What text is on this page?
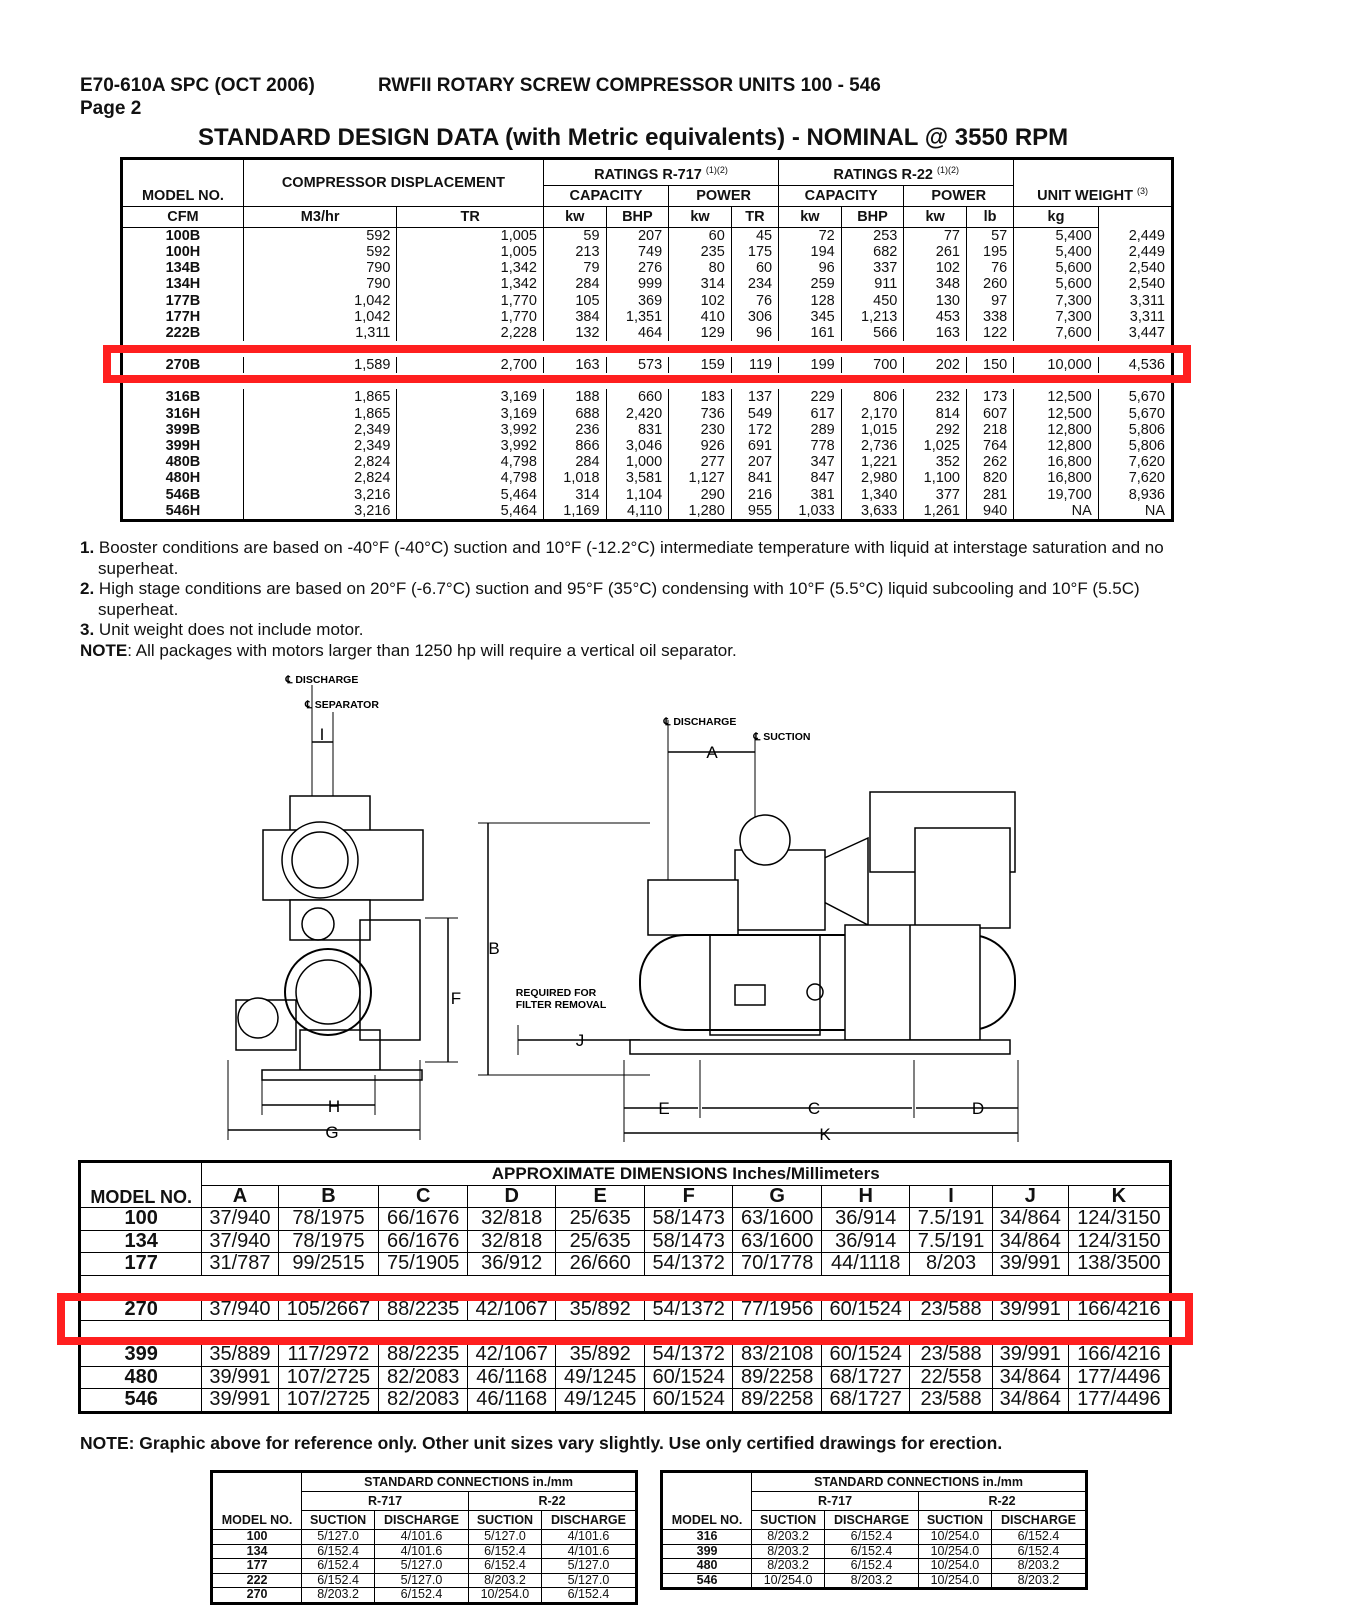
E70-610A SPC (OCT 2006)
Page 2
RWFII ROTARY SCREW COMPRESSOR UNITS 100 - 546
STANDARD DESIGN DATA (with Metric equivalents) - NOMINAL @ 3550 RPM
MODEL NO.	COMPRESSOR DISPLACEMENT		RATINGS R-717 $^{(1)(2)}$				RATINGS R-22 $^{(1)(2)}$				UNIT WEIGHT $^{(3)}$
			CAPACITY		POWER		CAPACITY		POWER			
CFM	M3/hr	TR	kw	BHP	kw	TR	kw	BHP	kw	lb	kg	
100B	592	1,005	59	207	60	45	72	253	77	57	5,400	2,449
100H	592	1,005	213	749	235	175	194	682	261	195	5,400	2,449
134B	790	1,342	79	276	80	60	96	337	102	76	5,600	2,540
134H	790	1,342	284	999	314	234	259	911	348	260	5,600	2,540
177B	1,042	1,770	105	369	102	76	128	450	130	97	7,300	3,311
177H	1,042	1,770	384	1,351	410	306	345	1,213	453	338	7,300	3,311
222B	1,311	2,228	132	464	129	96	161	566	163	122	7,600	3,447

270B	1,589	2,700	163	573	159	119	199	700	202	150	10,000	4,536

316B	1,865	3,169	188	660	183	137	229	806	232	173	12,500	5,670
316H	1,865	3,169	688	2,420	736	549	617	2,170	814	607	12,500	5,670
399B	2,349	3,992	236	831	230	172	289	1,015	292	218	12,800	5,806
399H	2,349	3,992	866	3,046	926	691	778	2,736	1,025	764	12,800	5,806
480B	2,824	4,798	284	1,000	277	207	347	1,221	352	262	16,800	7,620
480H	2,824	4,798	1,018	3,581	1,127	841	847	2,980	1,100	820	16,800	7,620
546B	3,216	5,464	314	1,104	290	216	381	1,340	377	281	19,700	8,936
546H	3,216	5,464	1,169	4,110	1,280	955	1,033	3,633	1,261	940	NA	NA
1. Booster conditions are based on -40°F (-40°C) suction and 10°F (-12.2°C) intermediate temperature with liquid at interstage saturation and no superheat.
2. High stage conditions are based on 20°F (-6.7°C) suction and 95°F (35°C) condensing with 10°F (5.5°C) liquid subcooling and 10°F (5.5C) superheat.
3. Unit weight does not include motor.
NOTE: All packages with motors larger than 1250 hp will require a vertical oil separator.
℄ DISCHARGE
℄ SEPARATOR
I
℄ DISCHARGE
℄ SUCTION
A
B
F	REQUIRED FOR
FILTER REMOVAL
J
H
G
E	C	D
K
MODEL NO.	APPROXIMATE DIMENSIONS Inches/Millimeters										
	A	B	C	D	E	F	G	H	I	J	K
100	37/940	78/1975	66/1676	32/818	25/635	58/1473	63/1600	36/914	7.5/191	34/864	124/3150
134	37/940	78/1975	66/1676	32/818	25/635	58/1473	63/1600	36/914	7.5/191	34/864	124/3150
177	31/787	99/2515	75/1905	36/912	26/660	54/1372	70/1778	44/1118	8/203	39/991	138/3500

270	37/940	105/2667	88/2235	42/1067	35/892	54/1372	77/1956	60/1524	23/588	39/991	166/4216

399	35/889	117/2972	88/2235	42/1067	35/892	54/1372	83/2108	60/1524	23/588	39/991	166/4216
480	39/991	107/2725	82/2083	46/1168	49/1245	60/1524	89/2258	68/1727	22/558	34/864	177/4496
546	39/991	107/2725	82/2083	46/1168	49/1245	60/1524	89/2258	68/1727	23/588	34/864	177/4496
NOTE: Graphic above for reference only. Other unit sizes vary slightly. Use only certified drawings for erection.
MODEL NO.	STANDARD CONNECTIONS in./mm			
	R-717		R-22	
	SUCTION	DISCHARGE	SUCTION	DISCHARGE
100	5/127.0	4/101.6	5/127.0	4/101.6
134	6/152.4	4/101.6	6/152.4	4/101.6
177	6/152.4	5/127.0	6/152.4	5/127.0
222	6/152.4	5/127.0	8/203.2	5/127.0
270	8/203.2	6/152.4	10/254.0	6/152.4
MODEL NO.	STANDARD CONNECTIONS in./mm			
	R-717		R-22	
	SUCTION	DISCHARGE	SUCTION	DISCHARGE
316	8/203.2	6/152.4	10/254.0	6/152.4
399	8/203.2	6/152.4	10/254.0	6/152.4
480	8/203.2	6/152.4	10/254.0	8/203.2
546	10/254.0	8/203.2	10/254.0	8/203.2
